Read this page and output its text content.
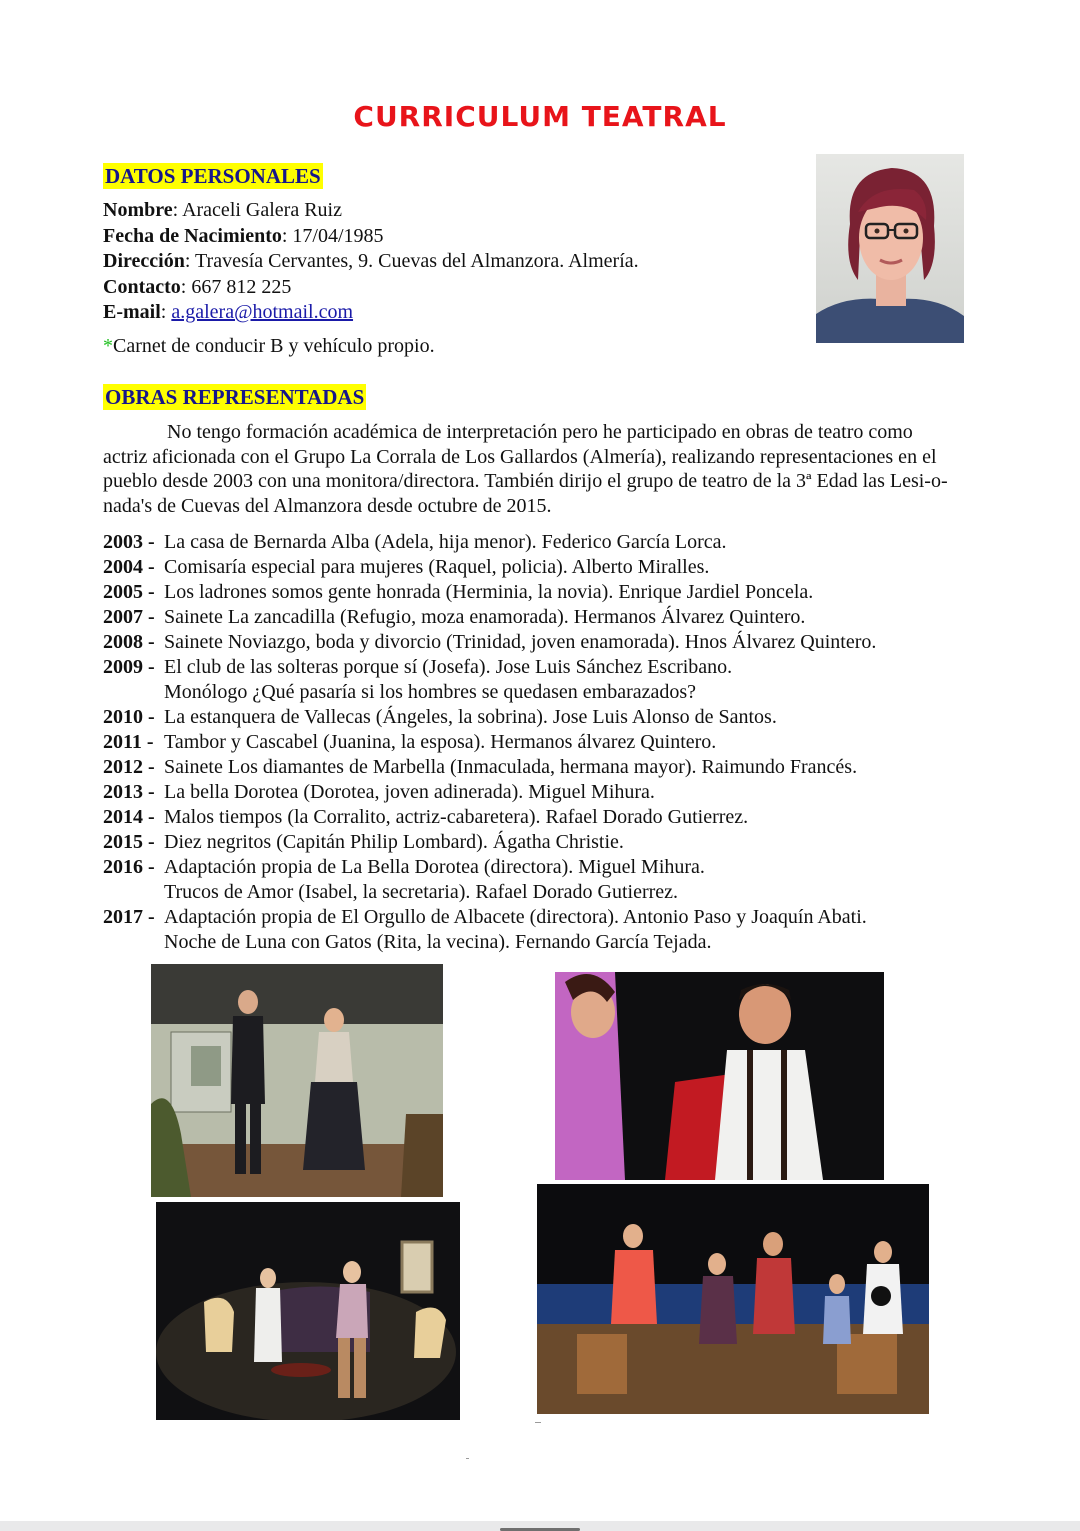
CURRICULUM TEATRAL
DATOS PERSONALES
Nombre: Araceli Galera Ruiz
Fecha de Nacimiento: 17/04/1985
Dirección: Travesía Cervantes, 9. Cuevas del Almanzora. Almería.
Contacto: 667 812 225
E-mail: a.galera@hotmail.com
*Carnet de conducir B y vehículo propio.
OBRAS REPRESENTADAS

No tengo formación académica de interpretación pero he participado en obras de teatro como actriz aficionada con el Grupo La Corrala de Los Gallardos (Almería), realizando representaciones en el pueblo desde 2003 con una monitora/directora. También dirijo el grupo de teatro de la 3ª Edad las Lesi-o-nada's de Cuevas del Almanzora desde octubre de 2015.

2003 - La casa de Bernarda Alba (Adela, hija menor). Federico García Lorca.
2004 - Comisaría especial para mujeres (Raquel, policia). Alberto Miralles.
2005 - Los ladrones somos gente honrada (Herminia, la novia). Enrique Jardiel Poncela.
2007 - Sainete La zancadilla (Refugio, moza enamorada). Hermanos Álvarez Quintero.
2008 - Sainete Noviazgo, boda y divorcio (Trinidad, joven enamorada). Hnos Álvarez Quintero.
2009 - El club de las solteras porque sí (Josefa). Jose Luis Sánchez Escribano.
Monólogo ¿Qué pasaría si los hombres se quedasen embarazados?
2010 - La estanquera de Vallecas (Ángeles, la sobrina). Jose Luis Alonso de Santos.
2011 - Tambor y Cascabel (Juanina, la esposa). Hermanos álvarez Quintero.
2012 - Sainete Los diamantes de Marbella (Inmaculada, hermana mayor). Raimundo Francés.
2013 - La bella Dorotea (Dorotea, joven adinerada). Miguel Mihura.
2014 - Malos tiempos (la Corralito, actriz-cabaretera). Rafael Dorado Gutierrez.
2015 - Diez negritos (Capitán Philip Lombard). Ágatha Christie.
2016 - Adaptación propia de La Bella Dorotea (directora). Miguel Mihura.
Trucos de Amor (Isabel, la secretaria). Rafael Dorado Gutierrez.
2017 - Adaptación propia de El Orgullo de Albacete (directora). Antonio Paso y Joaquín Abati.
Noche de Luna con Gatos (Rita, la vecina). Fernando García Tejada.
